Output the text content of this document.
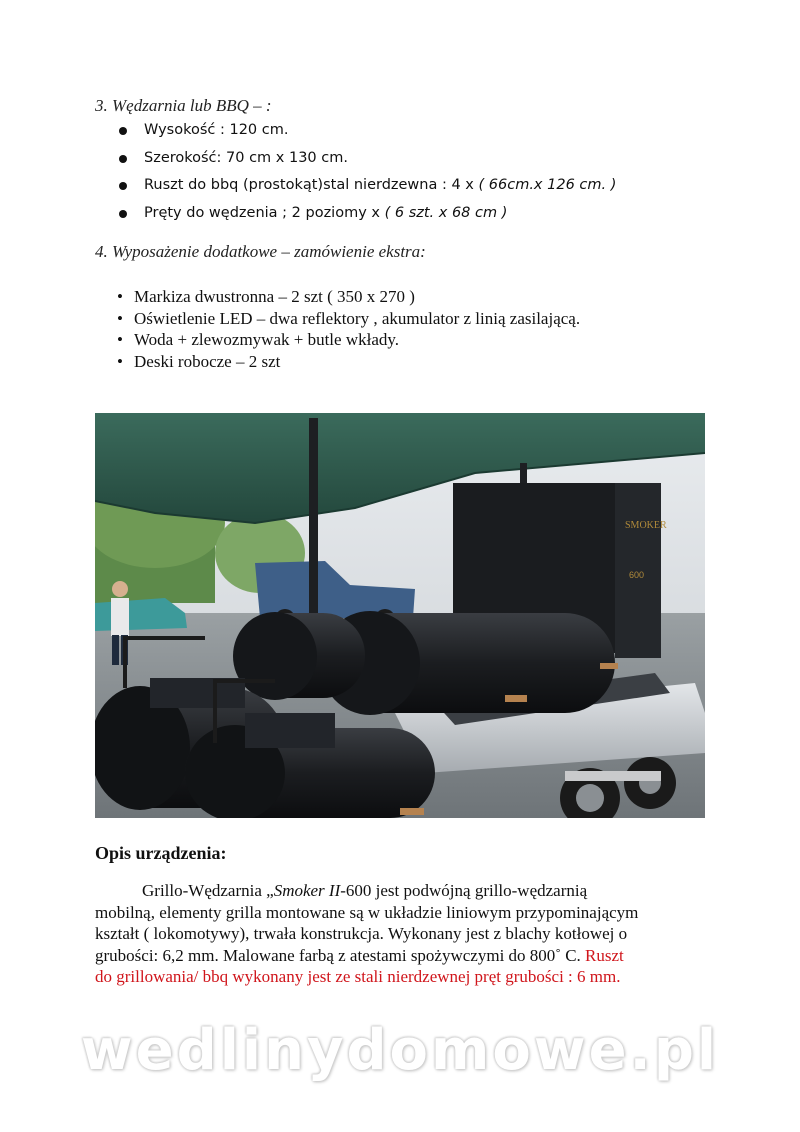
3. Wędzarnia lub BBQ – :
Wysokość : 120 cm.
Szerokość: 70 cm x 130 cm.
Ruszt do bbq (prostokąt)stal nierdzewna : 4 x ( 66cm.x 126 cm. )
Pręty do wędzenia ; 2 poziomy x ( 6 szt. x 68 cm )
4. Wyposażenie dodatkowe – zamówienie ekstra:
• Markiza dwustronna – 2 szt ( 350 x 270 )
• Oświetlenie LED – dwa reflektory , akumulator z linią zasilającą.
• Woda + zlewozmywak + butle wkłady.
• Deski robocze – 2 szt
SMOKER
600
Opis urządzenia:

Grillo-Wędzarnia „Smoker II-600 jest podwójną grillo-wędzarnią

mobilną, elementy grilla montowane są w układzie liniowym przypominającym

kształt ( lokomotywy), trwała konstrukcja. Wykonany jest z blachy kotłowej o

grubości: 6,2 mm. Malowane farbą z atestami spożywczymi do 800˚ C. Ruszt

do grillowania/ bbq wykonany jest ze stali nierdzewnej pręt grubości : 6 mm.

wedlinydomowe.pl
